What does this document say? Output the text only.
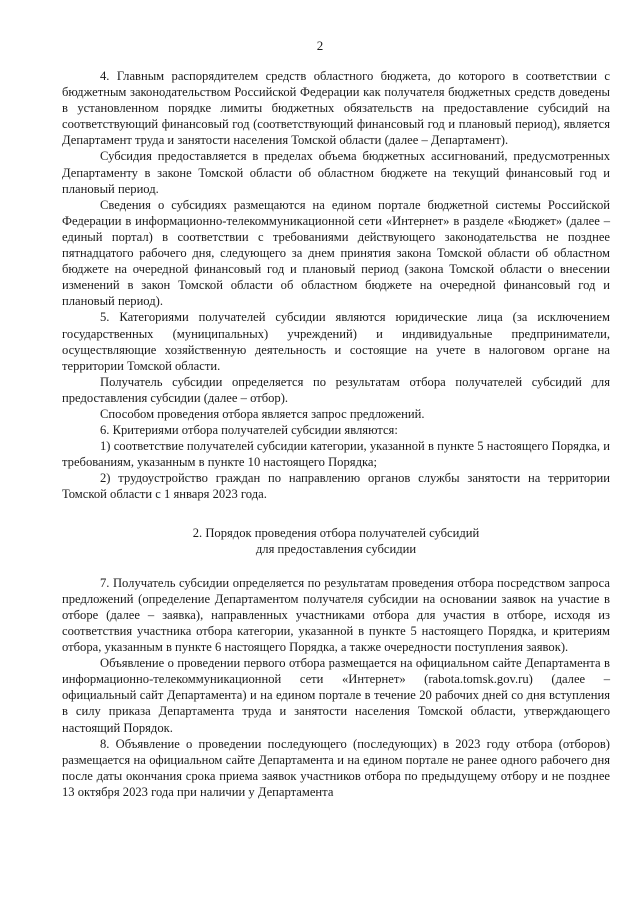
2

4. Главным распорядителем средств областного бюджета, до которого в соответствии с бюджетным законодательством Российской Федерации как получателя бюджетных средств доведены в установленном порядке лимиты бюджетных обязательств на предоставление субсидий на соответствующий финансовый год (соответствующий финансовый год и плановый период), является Департамент труда и занятости населения Томской области (далее – Департамент).

Субсидия предоставляется в пределах объема бюджетных ассигнований, предусмотренных Департаменту в законе Томской области об областном бюджете на текущий финансовый год и плановый период.

Сведения о субсидиях размещаются на едином портале бюджетной системы Российской Федерации в информационно-телекоммуникационной сети «Интернет» в разделе «Бюджет» (далее – единый портал) в соответствии с требованиями действующего законодательства не позднее пятнадцатого рабочего дня, следующего за днем принятия закона Томской области об областном бюджете на очередной финансовый год и плановый период (закона Томской области о внесении изменений в закон Томской области об областном бюджете на очередной финансовый год и плановый период).

5. Категориями получателей субсидии являются юридические лица (за исключением государственных (муниципальных) учреждений) и индивидуальные предприниматели, осуществляющие хозяйственную деятельность и состоящие на учете в налоговом органе на территории Томской области.

Получатель субсидии определяется по результатам отбора получателей субсидий для предоставления субсидии (далее – отбор).

Способом проведения отбора является запрос предложений.

6. Критериями отбора получателей субсидии являются:

1) соответствие получателей субсидии категории, указанной в пункте 5 настоящего Порядка, и требованиям, указанным в пункте 10 настоящего Порядка;

2) трудоустройство граждан по направлению органов службы занятости на территории Томской области с 1 января 2023 года.

2. Порядок проведения отбора получателей субсидий
для предоставления субсидии

7. Получатель субсидии определяется по результатам проведения отбора посредством запроса предложений (определение Департаментом получателя субсидии на основании заявок на участие в отборе (далее – заявка), направленных участниками отбора для участия в отборе, исходя из соответствия участника отбора категории, указанной в пункте 5 настоящего Порядка, и критериям отбора, указанным в пункте 6 настоящего Порядка, а также очередности поступления заявок).

Объявление о проведении первого отбора размещается на официальном сайте Департамента в информационно-телекоммуникационной сети «Интернет» (rabota.tomsk.gov.ru) (далее – официальный сайт Департамента) и на едином портале в течение 20 рабочих дней со дня вступления в силу приказа Департамента труда и занятости населения Томской области, утверждающего настоящий Порядок.

8. Объявление о проведении последующего (последующих) в 2023 году отбора (отборов) размещается на официальном сайте Департамента и на едином портале не ранее одного рабочего дня после даты окончания срока приема заявок участников отбора по предыдущему отбору и не позднее 13 октября 2023 года при наличии у Департамента
